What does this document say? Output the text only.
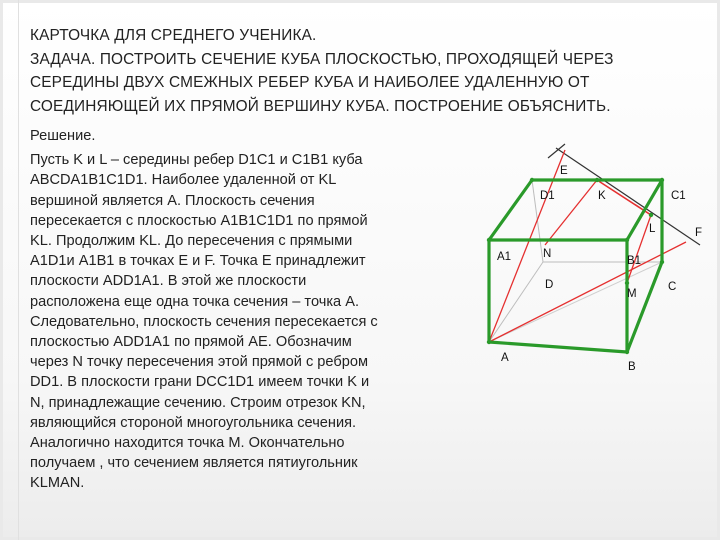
КАРТОЧКА ДЛЯ СРЕДНЕГО УЧЕНИКА.
ЗАДАЧА. ПОСТРОИТЬ СЕЧЕНИЕ КУБА ПЛОСКОСТЬЮ, ПРОХОДЯЩЕЙ ЧЕРЕЗ
СЕРЕДИНЫ ДВУХ СМЕЖНЫХ РЕБЕР КУБА И НАИБОЛЕЕ УДАЛЕННУЮ ОТ
СОЕДИНЯЮЩЕЙ ИХ ПРЯМОЙ ВЕРШИНУ КУБА. ПОСТРОЕНИЕ ОБЪЯСНИТЬ.
Решение.
Пусть K и L – середины ребер D1C1 и C1B1 куба
ABCDA1B1C1D1. Наиболее удаленной от KL
вершиной является A. Плоскость сечения
пересекается с плоскостью A1B1C1D1 по прямой
KL. Продолжим KL. До пересечения с прямыми
A1D1и A1B1 в точках E и F. Точка E принадлежит
плоскости ADD1A1. В этой же плоскости
расположена еще одна точка сечения – точка A.
Следовательно, плоскость сечения пересекается с
плоскостью ADD1A1 по прямой AE. Обозначим
через N точку пересечения этой прямой с ребром
DD1. В плоскости грани DCC1D1 имеем точки K и
N, принадлежащие сечению. Строим отрезок KN,
являющийся стороной многоугольника сечения.
Аналогично находится точка M. Окончательно
получаем , что сечением является пятиугольник
KLMAN.
E
D1	K	C1
L	F
A1	N
B1
C
D
M
A
B
